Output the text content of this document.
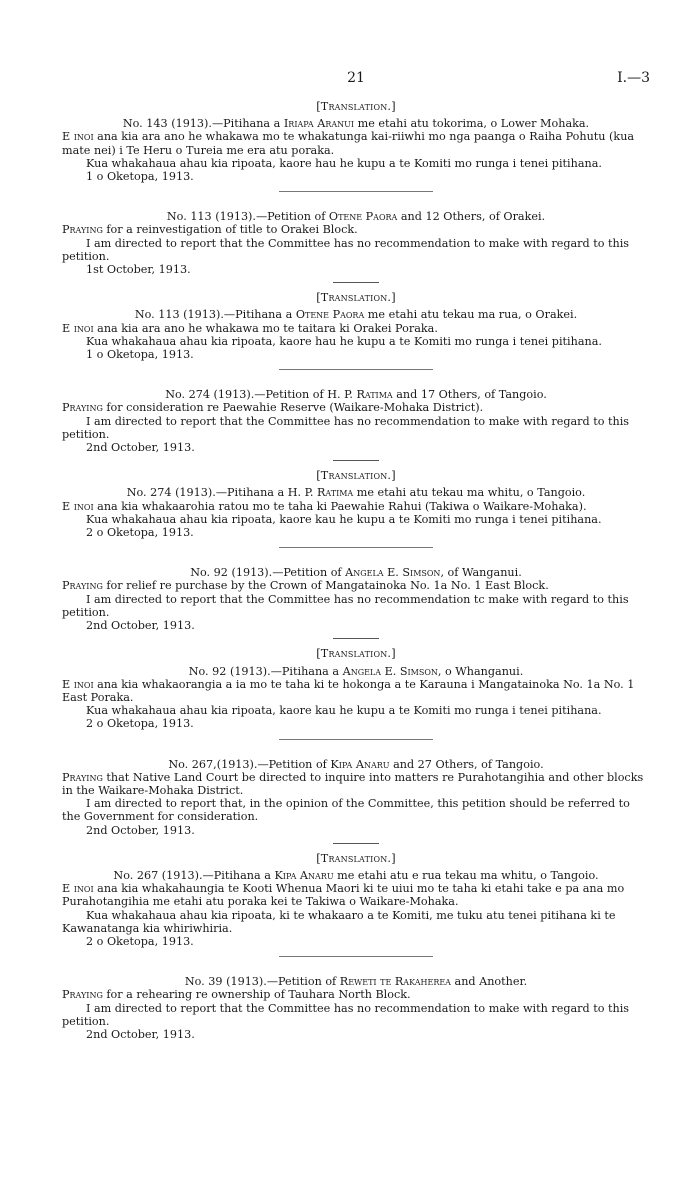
21	I.—3

[Translation.]

No. 143 (1913).—Pitihana a Iriapa Aranui me etahi atu tokorima, o Lower Mohaka.

E inoi ana kia ara ano he whakawa mo te whakatunga kai-riiwhi mo nga paanga o Raiha Pohutu (kua mate nei) i Te Heru o Tureia me era atu poraka.

Kua whakahaua ahau kia ripoata, kaore hau he kupu a te Komiti mo runga i tenei pitihana.

1 o Oketopa, 1913.

No. 113 (1913).—Petition of Otene Paora and 12 Others, of Orakei.

Praying for a reinvestigation of title to Orakei Block.

I am directed to report that the Committee has no recommendation to make with regard to this petition.

1st October, 1913.

[Translation.]

No. 113 (1913).—Pitihana a Otene Paora me etahi atu tekau ma rua, o Orakei.

E inoi ana kia ara ano he whakawa mo te taitara ki Orakei Poraka.

Kua whakahaua ahau kia ripoata, kaore hau he kupu a te Komiti mo runga i tenei pitihana.

1 o Oketopa, 1913.

No. 274 (1913).—Petition of H. P. Ratima and 17 Others, of Tangoio.

Praying for consideration re Paewahie Reserve (Waikare-Mohaka District).

I am directed to report that the Committee has no recommendation to make with regard to this petition.

2nd October, 1913.

[Translation.]

No. 274 (1913).—Pitihana a H. P. Ratima me etahi atu tekau ma whitu, o Tangoio.

E inoi ana kia whakaarohia ratou mo te taha ki Paewahie Rahui (Takiwa o Waikare-Mohaka).

Kua whakahaua ahau kia ripoata, kaore kau he kupu a te Komiti mo runga i tenei pitihana.

2 o Oketopa, 1913.

No. 92 (1913).—Petition of Angela E. Simson, of Wanganui.

Praying for relief re purchase by the Crown of Mangatainoka No. 1a No. 1 East Block.

I am directed to report that the Committee has no recommendation tc make with regard to this petition.

2nd October, 1913.

[Translation.]

No. 92 (1913).—Pitihana a Angela E. Simson, o Whanganui.

E inoi ana kia whakaorangia a ia mo te taha ki te hokonga a te Karauna i Mangatainoka No. 1a No. 1 East Poraka.

Kua whakahaua ahau kia ripoata, kaore kau he kupu a te Komiti mo runga i tenei pitihana.

2 o Oketopa, 1913.

No. 267,(1913).—Petition of Kipa Anaru and 27 Others, of Tangoio.

Praying that Native Land Court be directed to inquire into matters re Purahotangihia and other blocks in the Waikare-Mohaka District.

I am directed to report that, in the opinion of the Committee, this petition should be referred to the Government for consideration.

2nd October, 1913.

[Translation.]

No. 267 (1913).—Pitihana a Kipa Anaru me etahi atu e rua tekau ma whitu, o Tangoio.

E inoi ana kia whakahaungia te Kooti Whenua Maori ki te uiui mo te taha ki etahi take e pa ana mo Purahotangihia me etahi atu poraka kei te Takiwa o Waikare-Mohaka.

Kua whakahaua ahau kia ripoata, ki te whakaaro a te Komiti, me tuku atu tenei pitihana ki te Kawanatanga kia whiriwhiria.

2 o Oketopa, 1913.

No. 39 (1913).—Petition of Reweti te Rakaherea and Another.

Praying for a rehearing re ownership of Tauhara North Block.

I am directed to report that the Committee has no recommendation to make with regard to this petition.

2nd October, 1913.
